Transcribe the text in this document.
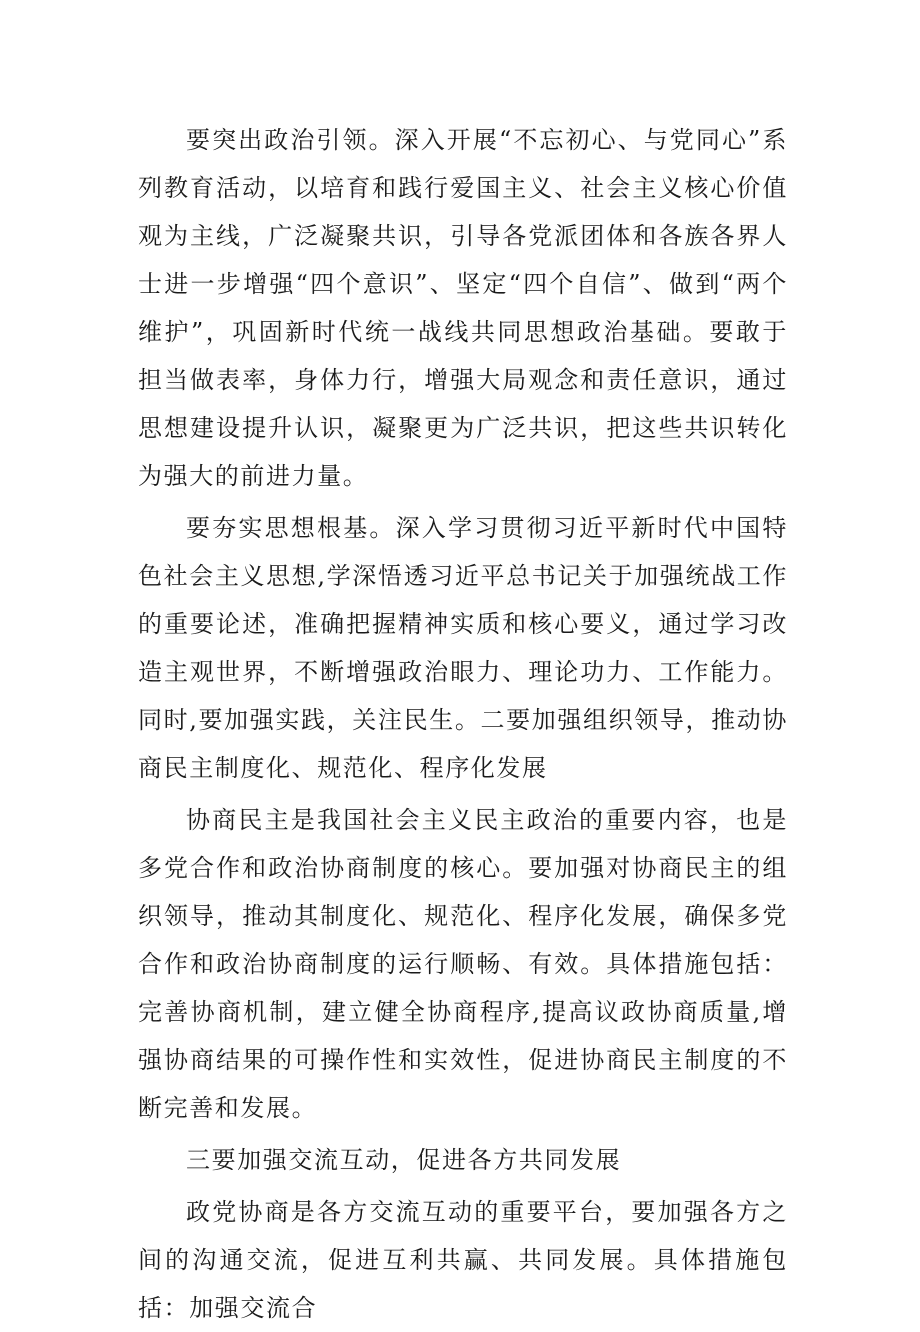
要突出政治引领。深入开展“不忘初心、与党同心”系列教育活动，以培育和践行爱国主义、社会主义核心价值观为主线，广泛凝聚共识，引导各党派团体和各族各界人士进一步增强“四个意识”、坚定“四个自信”、做到“两个维护”，巩固新时代统一战线共同思想政治基础。要敢于担当做表率，身体力行，增强大局观念和责任意识，通过思想建设提升认识，凝聚更为广泛共识，把这些共识转化为强大的前进力量。

要夯实思想根基。深入学习贯彻习近平新时代中国特色社会主义思想,学深悟透习近平总书记关于加强统战工作的重要论述，准确把握精神实质和核心要义，通过学习改造主观世界，不断增强政治眼力、理论功力、工作能力。同时,要加强实践，关注民生。二要加强组织领导，推动协商民主制度化、规范化、程序化发展

协商民主是我国社会主义民主政治的重要内容，也是多党合作和政治协商制度的核心。要加强对协商民主的组织领导，推动其制度化、规范化、程序化发展，确保多党合作和政治协商制度的运行顺畅、有效。具体措施包括：完善协商机制，建立健全协商程序,提高议政协商质量,增强协商结果的可操作性和实效性，促进协商民主制度的不断完善和发展。

三要加强交流互动，促进各方共同发展

政党协商是各方交流互动的重要平台，要加强各方之间的沟通交流，促进互利共赢、共同发展。具体措施包括：加强交流合
